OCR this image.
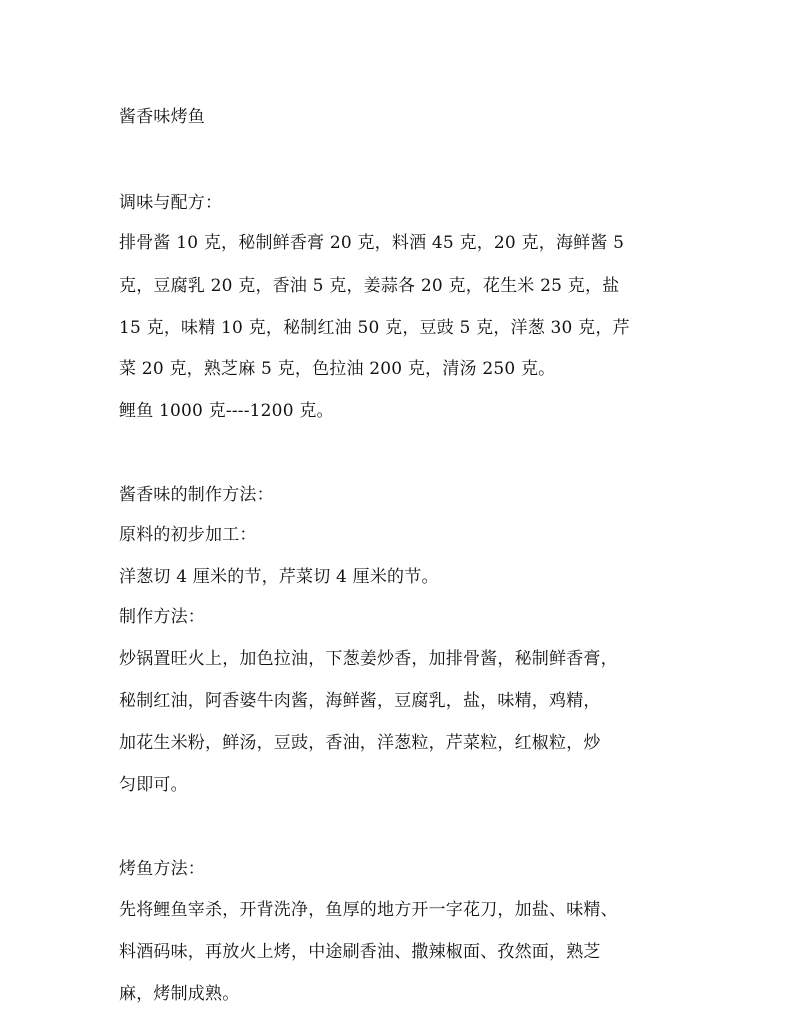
酱香味烤鱼
调味与配方：
排骨酱 10 克，秘制鲜香膏 20 克，料酒 45 克，20 克，海鲜酱 5
克，豆腐乳 20 克，香油 5 克，姜蒜各 20 克，花生米 25 克，盐
15 克，味精 10 克，秘制红油 50 克，豆豉 5 克，洋葱 30 克，芹
菜 20 克，熟芝麻 5 克，色拉油 200 克，清汤 250 克。
鲤鱼 1000 克----1200 克。
酱香味的制作方法：
原料的初步加工：
洋葱切 4 厘米的节，芹菜切 4 厘米的节。
制作方法：
炒锅置旺火上，加色拉油，下葱姜炒香，加排骨酱，秘制鲜香膏，
秘制红油，阿香婆牛肉酱，海鲜酱，豆腐乳，盐，味精，鸡精，
加花生米粉，鲜汤，豆豉，香油，洋葱粒，芹菜粒，红椒粒，炒
匀即可。
烤鱼方法：
先将鲤鱼宰杀，开背洗净，鱼厚的地方开一字花刀，加盐、味精、
料酒码味，再放火上烤，中途刷香油、撒辣椒面、孜然面，熟芝
麻，烤制成熟。
